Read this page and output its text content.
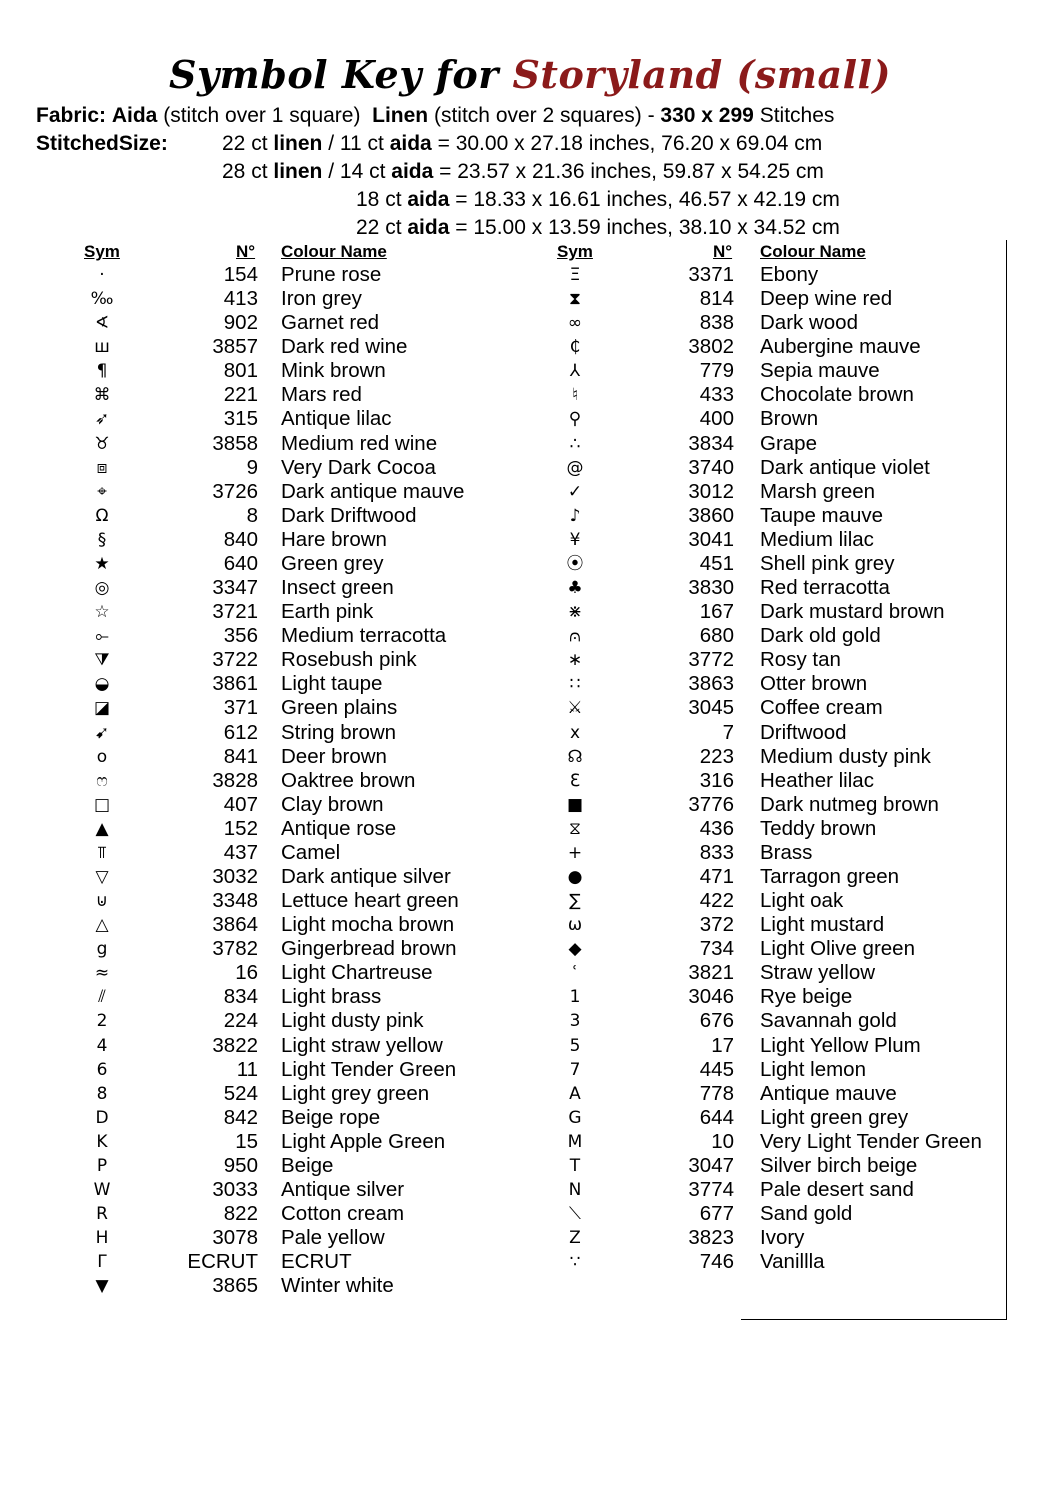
Symbol Key for Storyland (small)
Fabric: Aida (stitch over 1 square) Linen (stitch over 2 squares) - 330 x 299 Stitches
StitchedSize:	22 ct linen / 11 ct aida = 30.00 x 27.18 inches, 76.20 x 69.04 cm
28 ct linen / 14 ct aida = 23.57 x 21.36 inches, 59.87 x 54.25 cm
18 ct aida = 18.33 x 16.61 inches, 46.57 x 42.19 cm
22 ct aida = 15.00 x 13.59 inches, 38.10 x 34.52 cm
Sym	N° Colour Name	Sym	N° Colour Name
·	154 Prune rose
‰	413 Iron grey
∢	902 Garnet red
ш	3857 Dark red wine
¶	801 Mink brown
⌘	221 Mars red
➶	315 Antique lilac
♉	3858 Medium red wine
⧈	9 Very Dark Cocoa
⌖	3726 Dark antique mauve
Ω	8 Dark Driftwood
§	840 Hare brown
★	640 Green grey
◎	3347 Insect green
☆	3721 Earth pink
⟜	356 Medium terracotta
⧩	3722 Rosebush pink
◒	3861 Light taupe
◪	371 Green plains
➹	612 String brown
o	841 Deer brown
ෆ	3828 Oaktree brown
□	407 Clay brown
▲	152 Antique rose
⫪	437 Camel
▽	3032 Dark antique silver
⊍	3348 Lettuce heart green
△	3864 Light mocha brown
g	3782 Gingerbread brown
≈	16 Light Chartreuse
⫽	834 Light brass
2	224 Light dusty pink
4	3822 Light straw yellow
6	11 Light Tender Green
8	524 Light grey green
D	842 Beige rope
K	15 Light Apple Green
P	950 Beige
W	3033 Antique silver
R	822 Cotton cream
H	3078 Pale yellow
Γ	ECRUT ECRUT
▼	3865 Winter white
Ξ	3371 Ebony
⧗	814 Deep wine red
∞	838 Dark wood
₵	3802 Aubergine mauve
⅄	779 Sepia mauve
♮	433 Chocolate brown
⚲	400 Brown
∴	3834 Grape
@	3740 Dark antique violet
✓	3012 Marsh green
♪	3860 Taupe mauve
¥	3041 Medium lilac
⦿	451 Shell pink grey
♣	3830 Red terracotta
⋇	167 Dark mustard brown
⩀	680 Dark old gold
∗	3772 Rosy tan
∷	3863 Otter brown
⚔	3045 Coffee cream
x	7 Driftwood
☊	223 Medium dusty pink
ℇ	316 Heather lilac
■	3776 Dark nutmeg brown
⧖	436 Teddy brown
+	833 Brass
●	471 Tarragon green
∑	422 Light oak
ω	372 Light mustard
◆	734 Light Olive green
ʿ	3821 Straw yellow
1	3046 Rye beige
3	676 Savannah gold
5	17 Light Yellow Plum
7	445 Light lemon
A	778 Antique mauve
G	644 Light green grey
M	10 Very Light Tender Green
T	3047 Silver birch beige
N	3774 Pale desert sand
⟍	677 Sand gold
Z	3823 Ivory
∵	746 Vanillla
